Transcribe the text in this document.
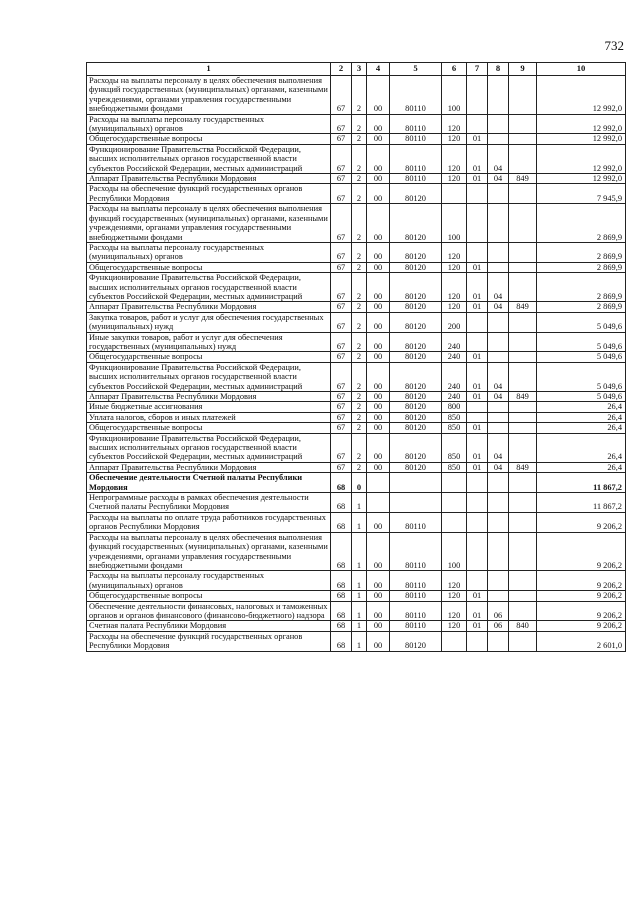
732
1	2	3	4	5	6	7	8	9	10
Расходы на выплаты персоналу в целях обеспечения выполнения функций государственных (муниципальных) органами, казенными учреждениями, органами управления государственными внебюджетными фондами	67	2	00	80110	100				12 992,0
Расходы на выплаты персоналу государственных (муниципальных) органов	67	2	00	80110	120				12 992,0
Общегосударственные вопросы	67	2	00	80110	120	01			12 992,0
Функционирование Правительства Российской Федерации, высших исполнительных органов государственной власти субъектов Российской Федерации, местных администраций	67	2	00	80110	120	01	04		12 992,0
Аппарат Правительства Республики Мордовия	67	2	00	80110	120	01	04	849	12 992,0
Расходы на обеспечение функций государственных органов Республики Мордовия	67	2	00	80120					7 945,9
Расходы на выплаты персоналу в целях обеспечения выполнения функций государственных (муниципальных) органами, казенными учреждениями, органами управления государственными внебюджетными фондами	67	2	00	80120	100				2 869,9
Расходы на выплаты персоналу государственных (муниципальных) органов	67	2	00	80120	120				2 869,9
Общегосударственные вопросы	67	2	00	80120	120	01			2 869,9
Функционирование Правительства Российской Федерации, высших исполнительных органов государственной власти субъектов Российской Федерации, местных администраций	67	2	00	80120	120	01	04		2 869,9
Аппарат Правительства Республики Мордовия	67	2	00	80120	120	01	04	849	2 869,9
Закупка товаров, работ и услуг для обеспечения государственных (муниципальных) нужд	67	2	00	80120	200				5 049,6
Иные закупки товаров, работ и услуг для обеспечения государственных (муниципальных) нужд	67	2	00	80120	240				5 049,6
Общегосударственные вопросы	67	2	00	80120	240	01			5 049,6
Функционирование Правительства Российской Федерации, высших исполнительных органов государственной власти субъектов Российской Федерации, местных администраций	67	2	00	80120	240	01	04		5 049,6
Аппарат Правительства Республики Мордовия	67	2	00	80120	240	01	04	849	5 049,6
Иные бюджетные ассигнования	67	2	00	80120	800				26,4
Уплата налогов, сборов и иных платежей	67	2	00	80120	850				26,4
Общегосударственные вопросы	67	2	00	80120	850	01			26,4
Функционирование Правительства Российской Федерации, высших исполнительных органов государственной власти субъектов Российской Федерации, местных администраций	67	2	00	80120	850	01	04		26,4
Аппарат Правительства Республики Мордовия	67	2	00	80120	850	01	04	849	26,4
Обеспечение деятельности Счетной палаты Республики Мордовия	68	0							11 867,2
Непрограммные расходы в рамках обеспечения деятельности Счетной палаты Республики Мордовия	68	1							11 867,2
Расходы на выплаты по оплате труда работников государственных органов Республики Мордовия	68	1	00	80110					9 206,2
Расходы на выплаты персоналу в целях обеспечения выполнения функций государственных (муниципальных) органами, казенными учреждениями, органами управления государственными внебюджетными фондами	68	1	00	80110	100				9 206,2
Расходы на выплаты персоналу государственных (муниципальных) органов	68	1	00	80110	120				9 206,2
Общегосударственные вопросы	68	1	00	80110	120	01			9 206,2
Обеспечение деятельности финансовых, налоговых и таможенных органов и органов финансового (финансово-бюджетного) надзора	68	1	00	80110	120	01	06		9 206,2
Счетная палата Республики Мордовия	68	1	00	80110	120	01	06	840	9 206,2
Расходы на обеспечение функций государственных органов Республики Мордовия	68	1	00	80120					2 601,0
